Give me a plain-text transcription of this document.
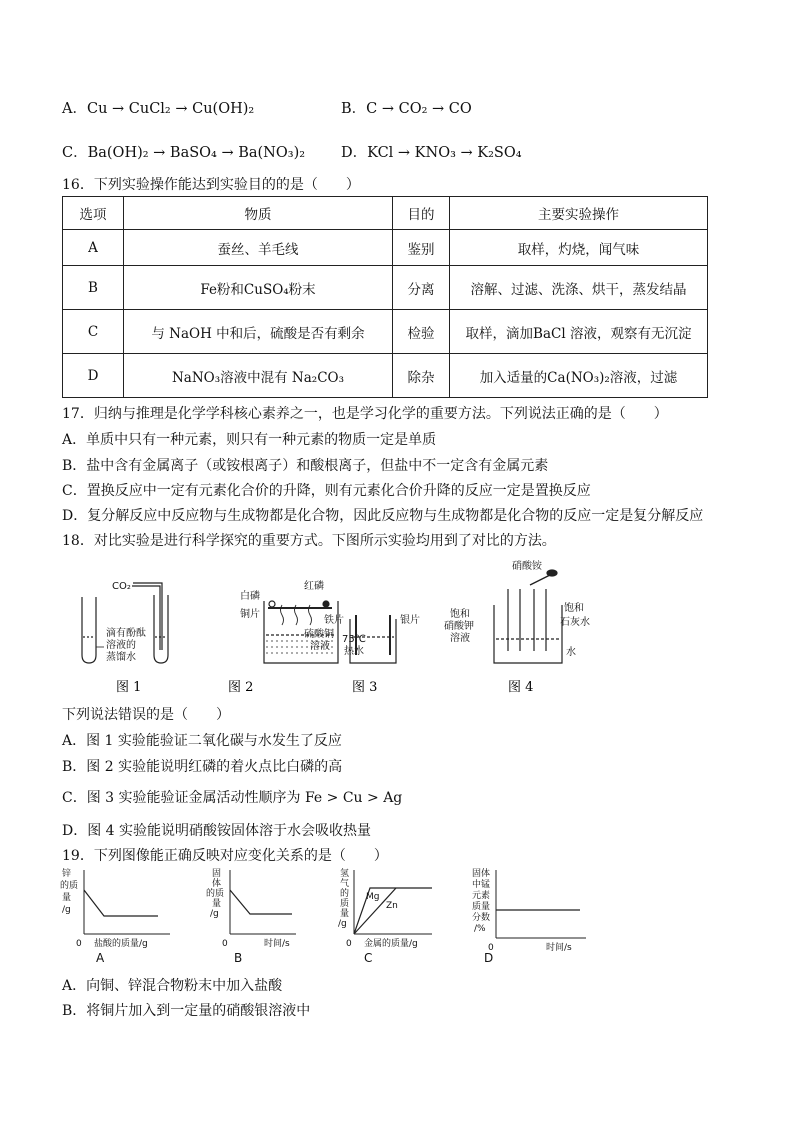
A．Cu → CuCl₂ → Cu(OH)₂	B．C → CO₂ → CO
C．Ba(OH)₂ → BaSO₄ → Ba(NO₃)₂ D．KCl → KNO₃ → K₂SO₄
16．下列实验操作能达到实验目的的是（　　）
选项	物质	目的	主要实验操作
A	蚕丝、羊毛线	鉴别	取样，灼烧，闻气味
B	Fe粉和CuSO₄粉末	分离	溶解、过滤、洗涤、烘干，蒸发结晶
C	与 NaOH 中和后，硫酸是否有剩余	检验	取样，滴加BaCl 溶液，观察有无沉淀
D	NaNO₃溶液中混有 Na₂CO₃	除杂	加入适量的Ca(NO₃)₂溶液，过滤
17．归纳与推理是化学学科核心素养之一，也是学习化学的重要方法。下列说法正确的是（　　）
A．单质中只有一种元素，则只有一种元素的物质一定是单质
B．盐中含有金属离子（或铵根离子）和酸根离子，但盐中不一定含有金属元素
C．置换反应中一定有元素化合价的升降，则有元素化合价升降的反应一定是置换反应
D．复分解反应中反应物与生成物都是化合物，因此反应物与生成物都是化合物的反应一定是复分解反应
18．对比实验是进行科学探究的重要方式。下图所示实验均用到了对比的方法。
CO₂
滴有酚酞
溶液的
蒸馏水
图 1
白磷
红磷
铜片
75℃
热水
图 2
铁片	银片
硫酸铜
溶液
图 3
硝酸铵
饱和
硝酸钾
溶液
饱和
石灰水
水
图 4
下列说法错误的是（　　）
A．图 1 实验能验证二氧化碳与水发生了反应
B．图 2 实验能说明红磷的着火点比白磷的高
C．图 3 实验能验证金属活动性顺序为 Fe > Cu > Ag
D．图 4 实验能说明硝酸铵固体溶于水会吸收热量
19．下列图像能正确反映对应变化关系的是（　　）
锌
的质
量
/g
0 盐酸的质量/g
A
固
体
的质
量
/g
0	时间/s
B
氢
气
的
质
量
/g
Mg
Zn
0 金属的质量/g
C
固体
中锰
元素
质量
分数
/%
0	时间/s
D
A．向铜、锌混合物粉末中加入盐酸
B．将铜片加入到一定量的硝酸银溶液中
